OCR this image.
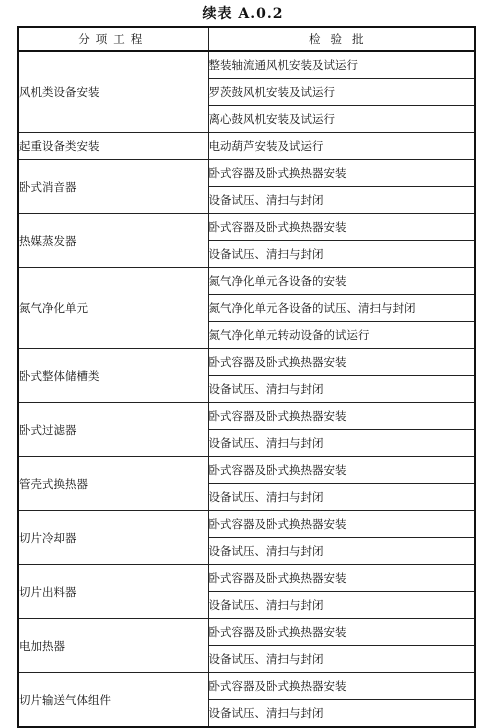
续表 A.0.2
分项工程	检验批
风机类设备安装	整装轴流通风机安装及试运行
	罗茨鼓风机安装及试运行
	离心鼓风机安装及试运行
起重设备类安装	电动葫芦安装及试运行
卧式消音器	卧式容器及卧式换热器安装
	设备试压、清扫与封闭
热媒蒸发器	卧式容器及卧式换热器安装
	设备试压、清扫与封闭
氮气净化单元	氮气净化单元各设备的安装
	氮气净化单元各设备的试压、清扫与封闭
	氮气净化单元转动设备的试运行
卧式整体储槽类	卧式容器及卧式换热器安装
	设备试压、清扫与封闭
卧式过滤器	卧式容器及卧式换热器安装
	设备试压、清扫与封闭
管壳式换热器	卧式容器及卧式换热器安装
	设备试压、清扫与封闭
切片冷却器	卧式容器及卧式换热器安装
	设备试压、清扫与封闭
切片出料器	卧式容器及卧式换热器安装
	设备试压、清扫与封闭
电加热器	卧式容器及卧式换热器安装
	设备试压、清扫与封闭
切片输送气体组件	卧式容器及卧式换热器安装
	设备试压、清扫与封闭
